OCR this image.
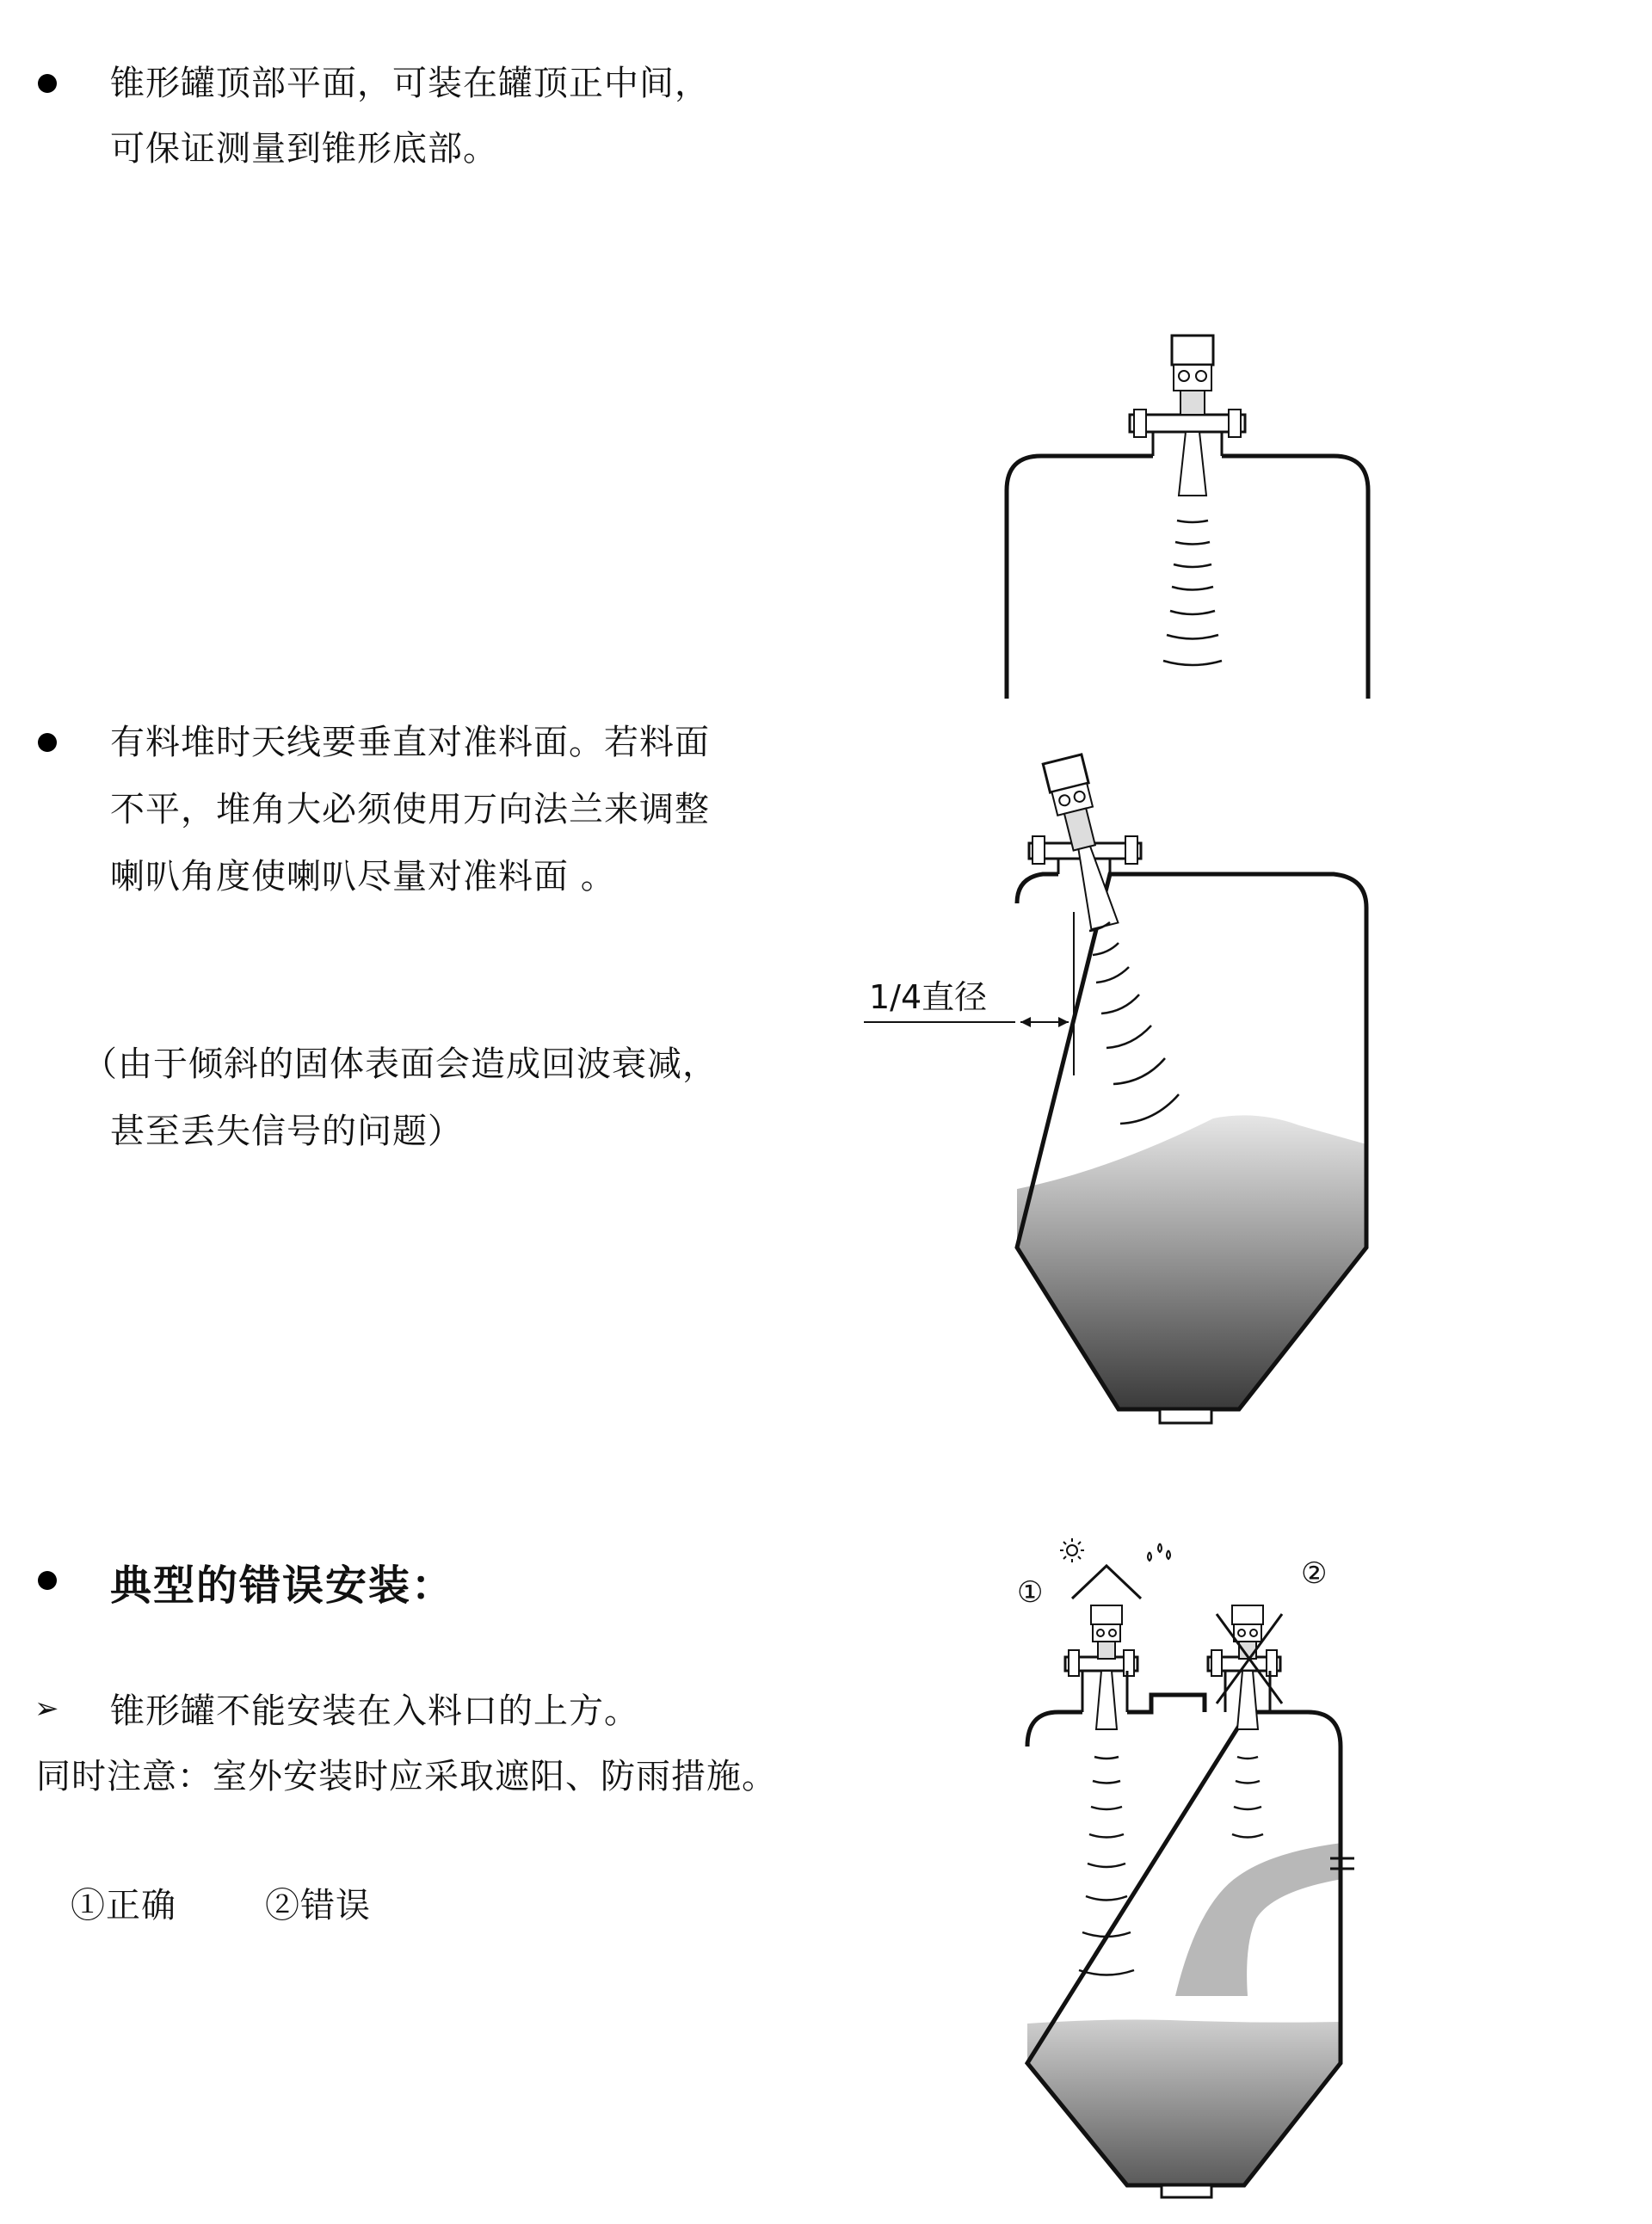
锥形罐顶部平面，可装在罐顶正中间，
可保证测量到锥形底部。
有料堆时天线要垂直对准料面。若料面
不平，堆角大必须使用万向法兰来调整
喇叭角度使喇叭尽量对准料面 。
（由于倾斜的固体表面会造成回波衰减，
甚至丢失信号的问题）
1/4直径
典型的错误安装：
➢ 锥形罐不能安装在入料口的上方。
同时注意：室外安装时应采取遮阳、防雨措施。
①正确	②错误
①
②
